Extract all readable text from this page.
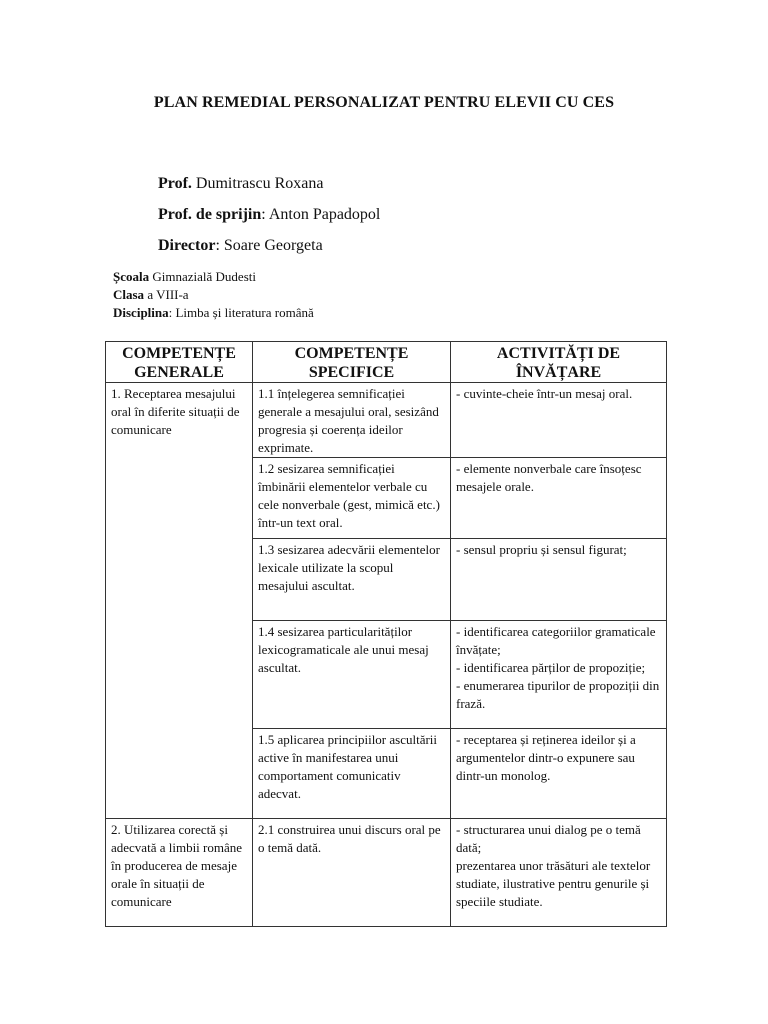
PLAN REMEDIAL PERSONALIZAT PENTRU ELEVII CU CES
Prof. Dumitrascu Roxana
Prof. de sprijin: Anton Papadopol
Director: Soare Georgeta
Școala Gimnazială Dudesti
Clasa a VIII-a
Disciplina: Limba și literatura română
COMPETENȚE GENERALE	COMPETENȚE SPECIFICE	ACTIVITĂȚI DE ÎNVĂȚARE
1. Receptarea mesajului oral în diferite situații de comunicare	1.1 înțelegerea semnificației generale a mesajului oral, sesizând progresia și coerența ideilor exprimate.	- cuvinte-cheie într-un mesaj oral.

	1.2 sesizarea semnificației îmbinării elementelor verbale cu cele nonverbale (gest, mimică etc.) într-un text oral.	- elemente nonverbale care însoțesc mesajele orale.

	1.3 sesizarea adecvării elementelor lexicale utilizate la scopul mesajului ascultat.	- sensul propriu și sensul figurat;

	1.4 sesizarea particularităților lexicogramaticale ale unui mesaj ascultat.	- identificarea categoriilor gramaticale învățate;
- identificarea părților de propoziție;
- enumerarea tipurilor de propoziții din frază.

	1.5 aplicarea principiilor ascultării active în manifestarea unui comportament comunicativ adecvat.	- receptarea și reținerea ideilor și a argumentelor dintr-o expunere sau dintr-un monolog.

2. Utilizarea corectă și adecvată a limbii române în producerea de mesaje orale în situații de comunicare	2.1 construirea unui discurs oral pe o temă dată.	- structurarea unui dialog pe o temă dată;
prezentarea unor trăsături ale textelor studiate, ilustrative pentru genurile și speciile studiate.
